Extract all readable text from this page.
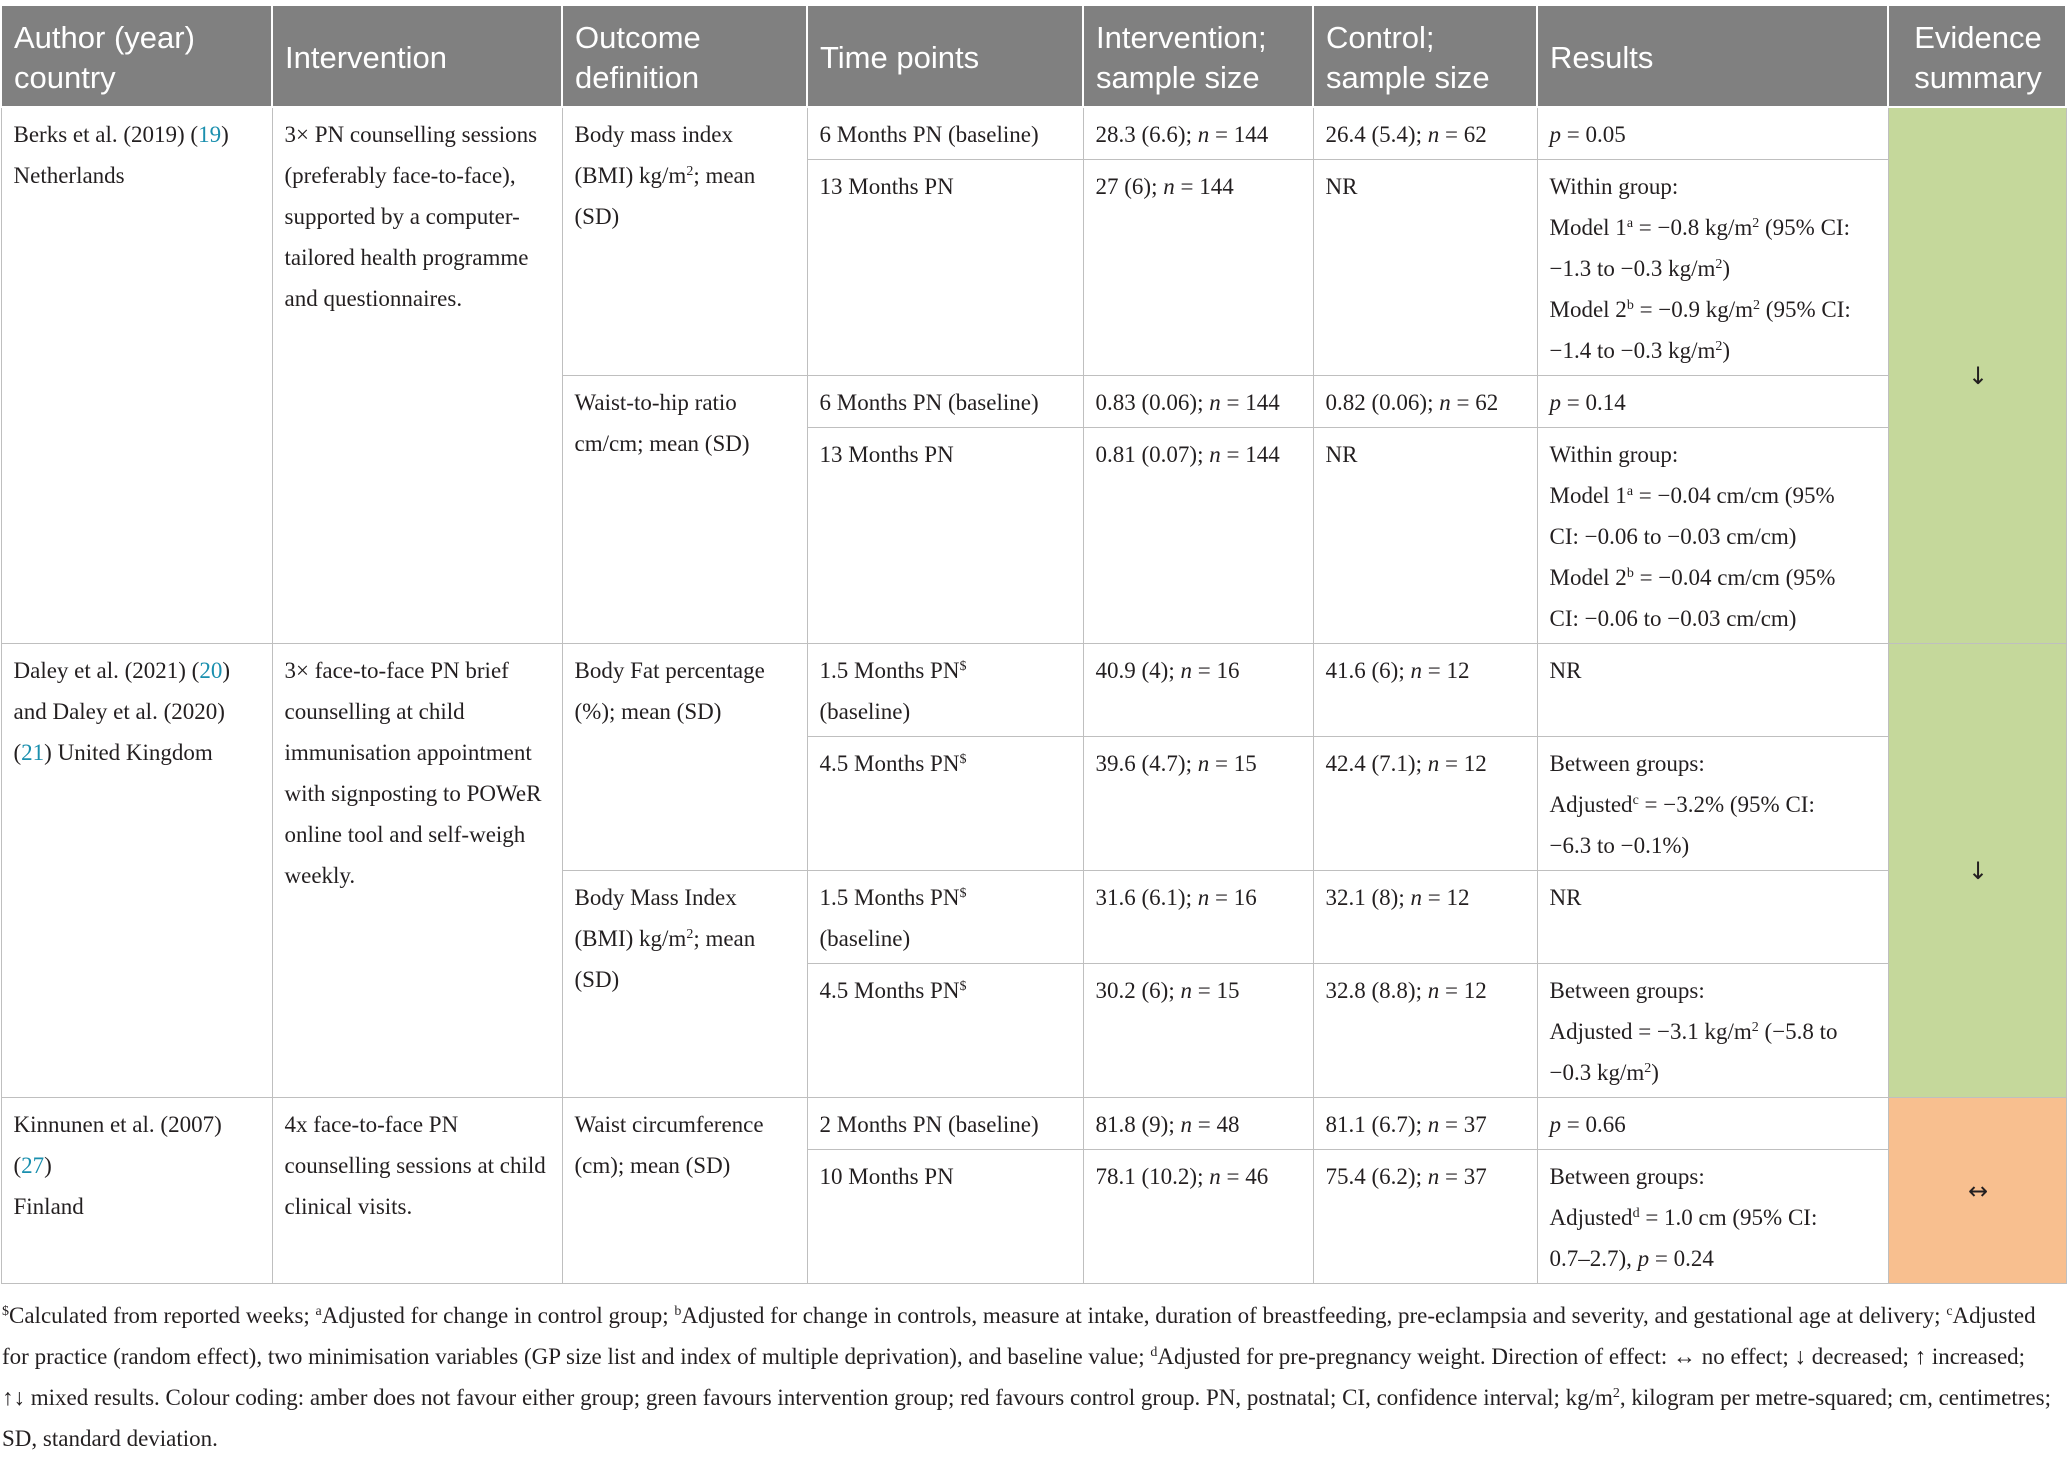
Author (year) country	Intervention	Outcome definition	Time points	Intervention; sample size	Control; sample size	Results	Evidence summary
Berks et al. (2019) (19)
Netherlands	3× PN counselling sessions (preferably face-to-face), supported by a computer-tailored health programme and questionnaires.	Body mass index (BMI) $kg/m^2$; mean (SD)	6 Months PN (baseline)	28.3 (6.6); n = 144	26.4 (5.4); n = 62	p = 0.05	↓
			13 Months PN	27 (6); n = 144	NR	Within group:
Model $1^a = -0.8$ $kg/m^2$ (95% CI:
−1.3 to −0.3 $kg/m^2$)
Model $2^b = -0.9$ $kg/m^2$ (95% CI:
−1.4 to −0.3 $kg/m^2$)	
		Waist-to-hip ratio cm/cm; mean (SD)	6 Months PN (baseline)	0.83 (0.06); n = 144	0.82 (0.06); n = 62	p = 0.14	
			13 Months PN	0.81 (0.07); n = 144	NR	Within group:
Model $1^a = -0.04$ cm/cm (95%
CI: −0.06 to −0.03 cm/cm)
Model $2^b = -0.04$ cm/cm (95%
CI: −0.06 to −0.03 cm/cm)	
Daley et al. (2021) (20) and Daley et al. (2020) (21) United Kingdom	3× face-to-face PN brief counselling at child immunisation appointment with signposting to POWeR online tool and self-weigh weekly.	Body Fat percentage (%); mean (SD)	1.5 Months PN$
(baseline)	40.9 (4); n = 16	41.6 (6); n = 12	NR	↓
			4.5 Months PN$	39.6 (4.7); n = 15	42.4 (7.1); n = 12	Between groups:
Adjusted$^c$ = −3.2% (95% CI:
−6.3 to −0.1%)	
		Body Mass Index (BMI) $kg/m^2$; mean (SD)	1.5 Months PN$
(baseline)	31.6 (6.1); n = 16	32.1 (8); n = 12	NR	
			4.5 Months PN$	30.2 (6); n = 15	32.8 (8.8); n = 12	Between groups:
Adjusted = −3.1 $kg/m^2$ (−5.8 to
−0.3 $kg/m^2$)	
Kinnunen et al. (2007)
(27)
Finland	4x face-to-face PN counselling sessions at child clinical visits.	Waist circumference (cm); mean (SD)	2 Months PN (baseline)	81.8 (9); n = 48	81.1 (6.7); n = 37	p = 0.66	↔
			10 Months PN	78.1 (10.2); n = 46	75.4 (6.2); n = 37	Between groups:
Adjusted$^d$ = 1.0 cm (95% CI:
0.7–2.7), p = 0.24	
$Calculated from reported weeks; $^a$Adjusted for change in control group; $^b$Adjusted for change in controls, measure at intake, duration of breastfeeding, pre-eclampsia and severity, and gestational age at delivery; $^c$Adjusted for practice (random effect), two minimisation variables (GP size list and index of multiple deprivation), and baseline value; $^d$Adjusted for pre-pregnancy weight. Direction of effect: ↔ no effect; ↓ decreased; ↑ increased; ↑↓ mixed results. Colour coding: amber does not favour either group; green favours intervention group; red favours control group. PN, postnatal; CI, confidence interval; $kg/m^2$, kilogram per metre-squared; cm, centimetres; SD, standard deviation.
